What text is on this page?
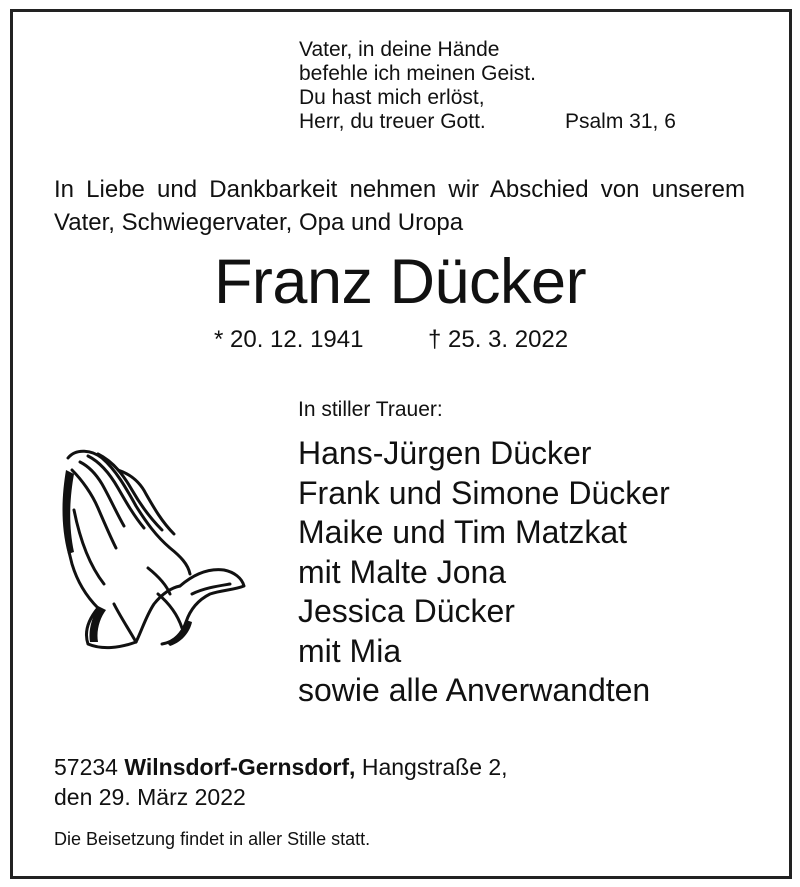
Vater, in deine Hände
befehle ich meinen Geist.
Du hast mich erlöst,
Herr, du treuer Gott.	Psalm 31, 6
In Liebe und Dankbarkeit nehmen wir Abschied von unserem Vater, Schwiegervater, Opa und Uropa
Franz Dücker
* 20. 12. 1941	† 25. 3. 2022
In stiller Trauer:
Hans-Jürgen Dücker
Frank und Simone Dücker
Maike und Tim Matzkat
mit Malte Jona
Jessica Dücker
mit Mia
sowie alle Anverwandten
57234 Wilnsdorf-Gernsdorf, Hangstraße 2,
den 29. März 2022
Die Beisetzung findet in aller Stille statt.
